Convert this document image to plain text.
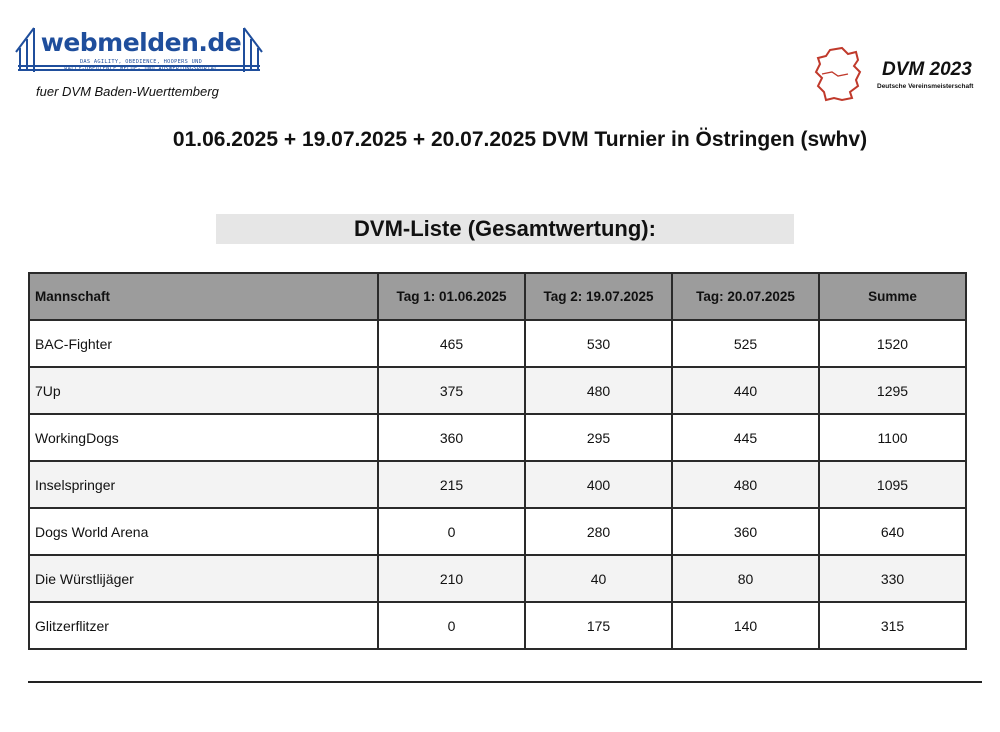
webmelden.de
DAS AGILITY, OBEDIENCE, HOOPERS UND
RALLY-OBEDIENCE MELDE- UND AUSWERTUNGSPORTAL
fuer DVM Baden-Wuerttemberg
DVM 2023
Deutsche Vereinsmeisterschaft
01.06.2025 + 19.07.2025 + 20.07.2025 DVM Turnier in Östringen (swhv)
DVM-Liste (Gesamtwertung):
Mannschaft	Tag 1: 01.06.2025	Tag 2: 19.07.2025	Tag: 20.07.2025	Summe
BAC-Fighter	465	530	525	1520
7Up	375	480	440	1295
WorkingDogs	360	295	445	1100
Inselspringer	215	400	480	1095
Dogs World Arena	0	280	360	640
Die Würstlijäger	210	40	80	330
Glitzerflitzer	0	175	140	315
